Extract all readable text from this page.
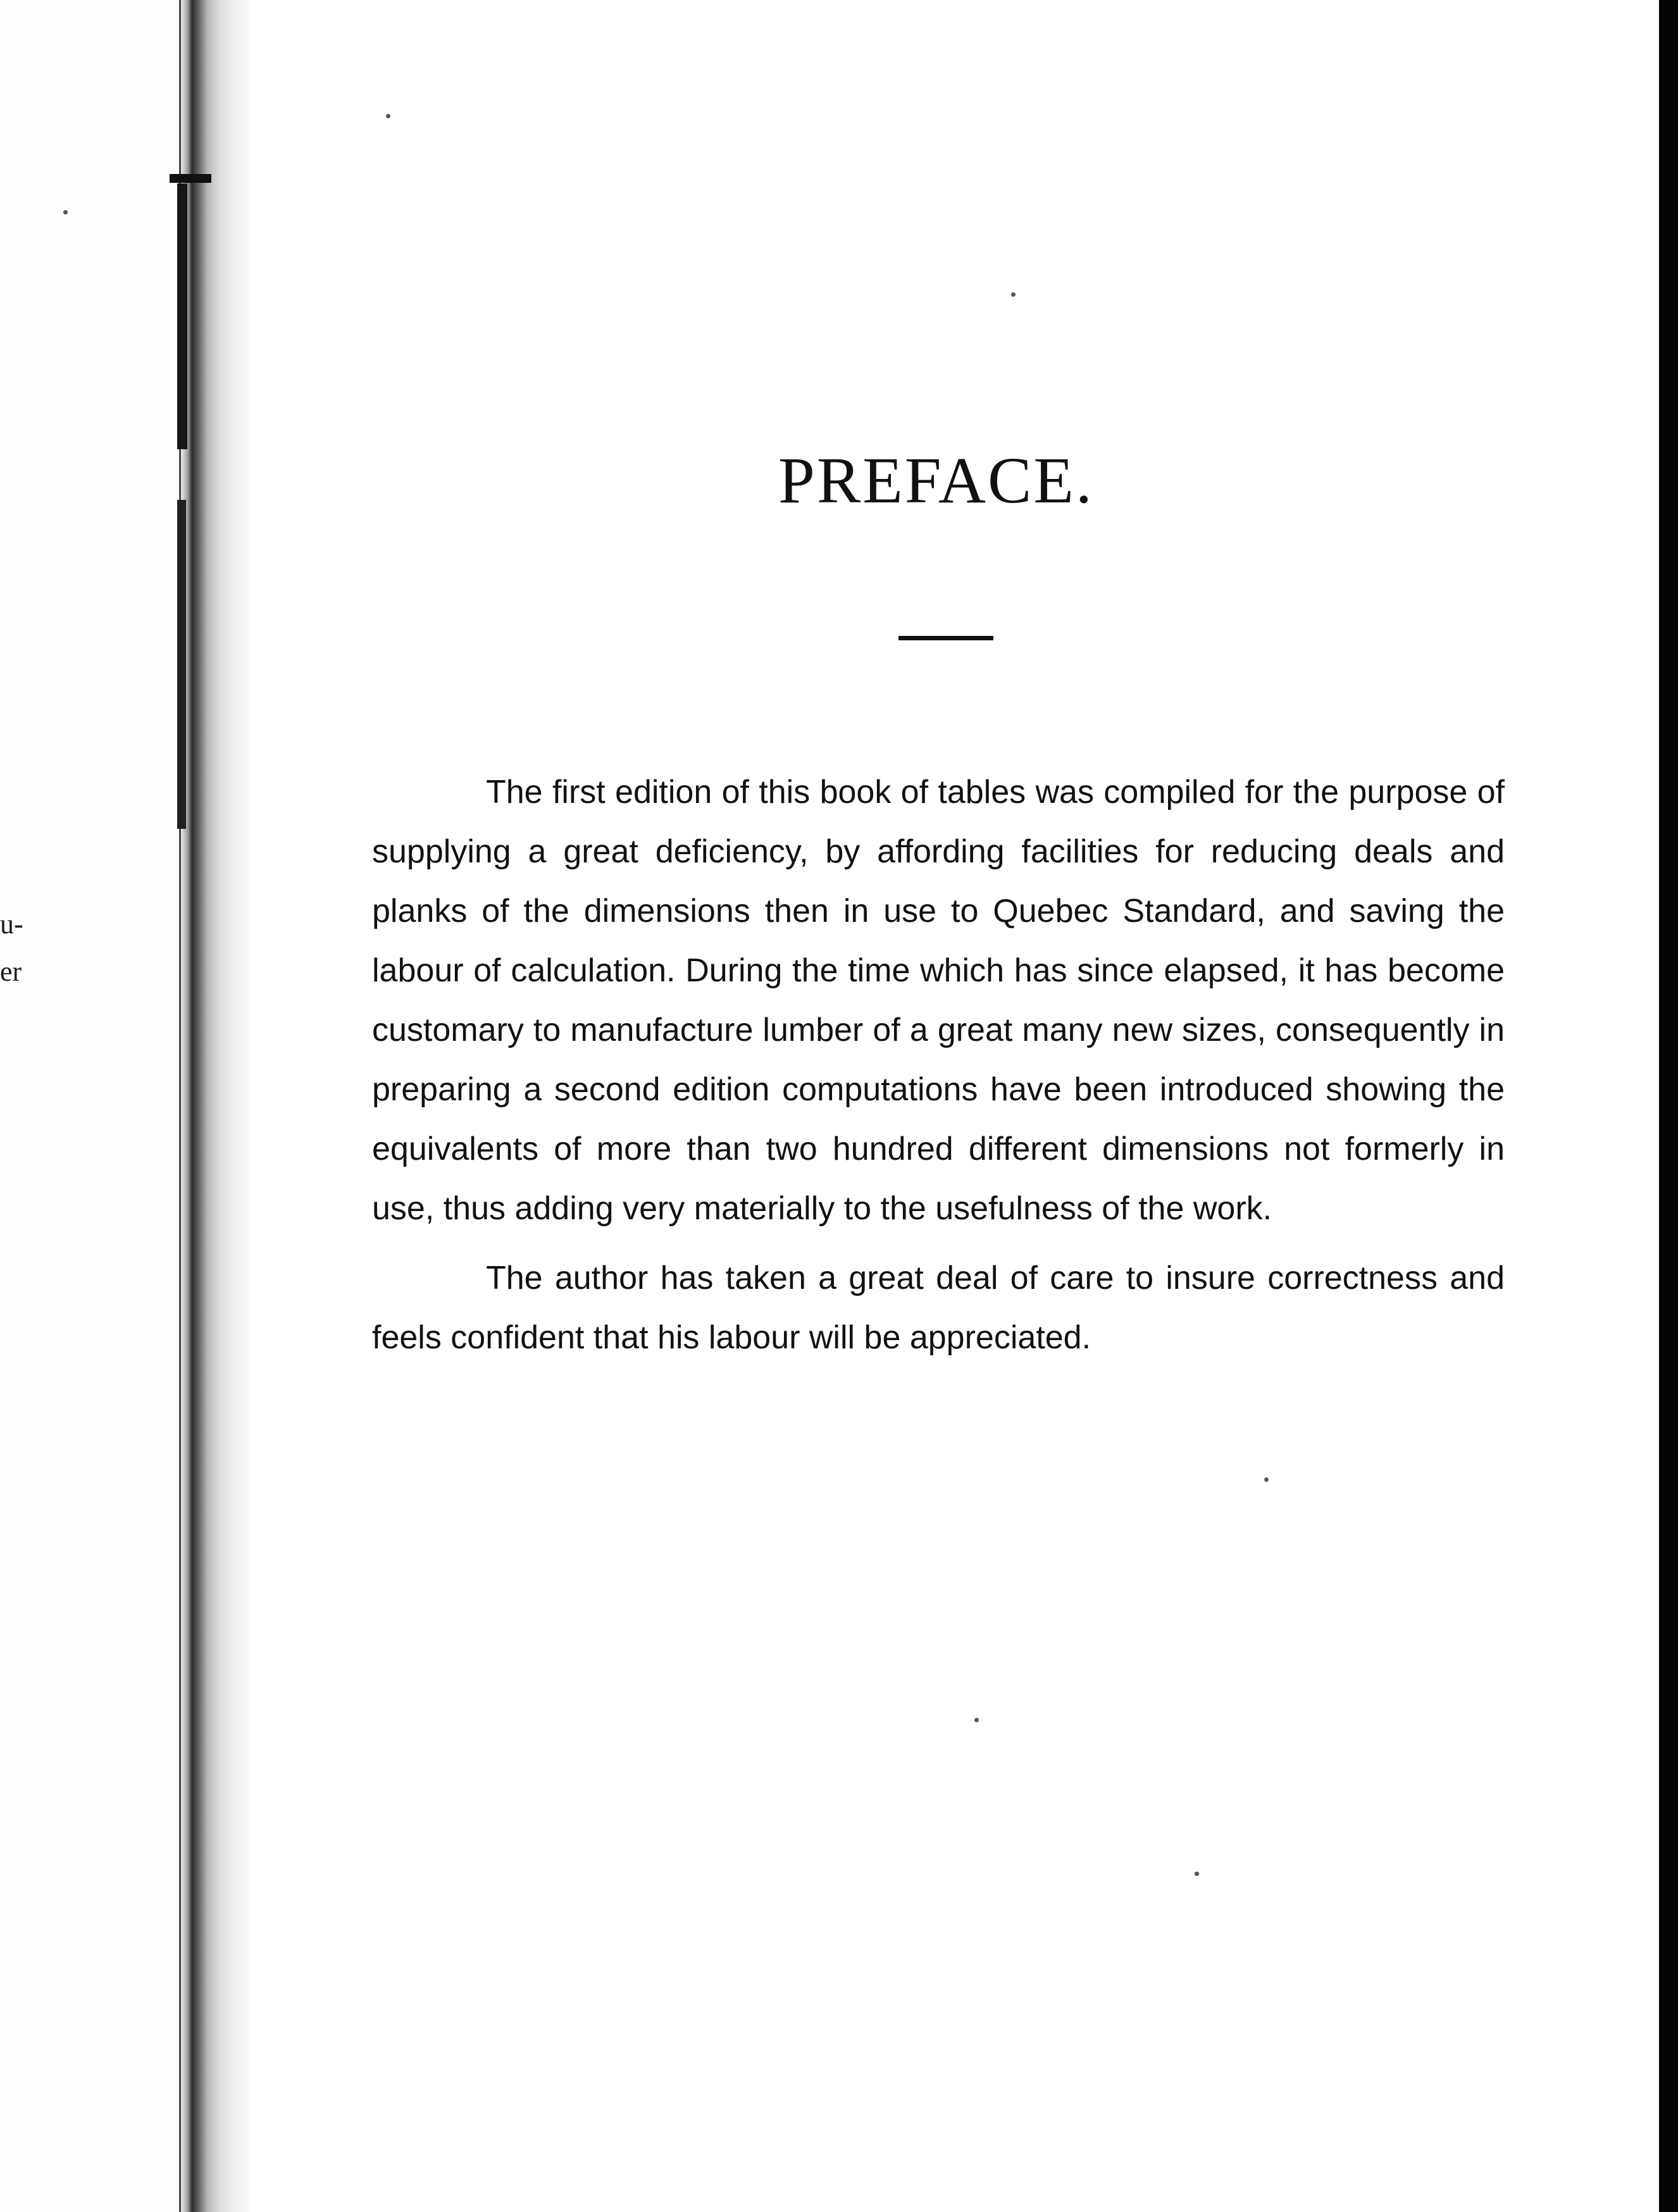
u-
er
PREFACE.

The first edition of this book of tables was compiled for the purpose of supplying a great deficiency, by affording facilities for reducing deals and planks of the dimensions then in use to Quebec Standard, and saving the labour of calculation. During the time which has since elapsed, it has become customary to manufacture lumber of a great many new sizes, consequently in preparing a second edition computations have been introduced showing the equivalents of more than two hundred different dimensions not formerly in use, thus adding very materially to the usefulness of the work.

The author has taken a great deal of care to insure correctness and feels confident that his labour will be appreciated.
